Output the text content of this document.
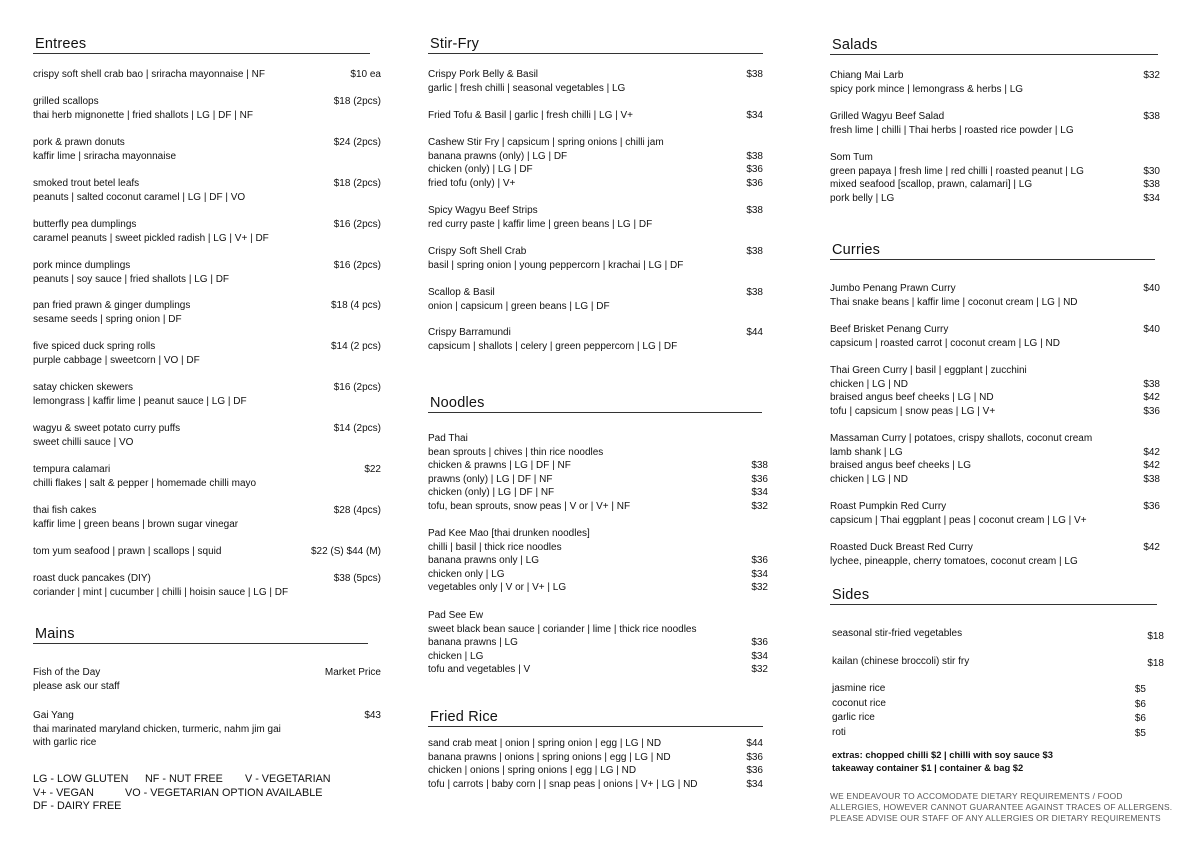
Entrees
crispy soft shell crab bao | sriracha mayonnaise | NF	$10 ea
grilled scallops	$18 (2pcs)
thai herb mignonette | fried shallots | LG | DF | NF
pork & prawn donuts	$24 (2pcs)
kaffir lime | sriracha mayonnaise
smoked trout betel leafs	$18 (2pcs)
peanuts | salted coconut caramel | LG | DF | VO
butterfly pea dumplings	$16 (2pcs)
caramel peanuts | sweet pickled radish | LG | V+ | DF
pork mince dumplings	$16 (2pcs)
peanuts | soy sauce | fried shallots | LG | DF
pan fried prawn & ginger dumplings	$18 (4 pcs)
sesame seeds | spring onion | DF
five spiced duck spring rolls	$14 (2 pcs)
purple cabbage | sweetcorn | VO | DF
satay chicken skewers	$16 (2pcs)
lemongrass | kaffir lime | peanut sauce | LG | DF
wagyu & sweet potato curry puffs	$14 (2pcs)
sweet chilli sauce | VO
tempura calamari	$22
chilli flakes | salt & pepper | homemade chilli mayo
thai fish cakes	$28 (4pcs)
kaffir lime | green beans | brown sugar vinegar
tom yum seafood | prawn | scallops | squid	$22 (S) $44 (M)
roast duck pancakes (DIY)	$38 (5pcs)
coriander | mint | cucumber | chilli | hoisin sauce | LG | DF
Mains
Fish of the Day	Market Price
please ask our staff
Gai Yang	$43
thai marinated maryland chicken, turmeric, nahm jim gai
with garlic rice
LG - LOW GLUTEN NF - NUT FREE V - VEGETARIAN
V+ - VEGAN	VO - VEGETARIAN OPTION AVAILABLE
DF - DAIRY FREE
Stir-Fry
Crispy Pork Belly & Basil	$38
garlic | fresh chilli | seasonal vegetables | LG
Fried Tofu & Basil | garlic | fresh chilli | LG | V+	$34
Cashew Stir Fry | capsicum | spring onions | chilli jam
banana prawns (only) | LG | DF	$38
chicken (only) | LG | DF	$36
fried tofu (only) | V+	$36
Spicy Wagyu Beef Strips	$38
red curry paste | kaffir lime | green beans | LG | DF
Crispy Soft Shell Crab	$38
basil | spring onion | young peppercorn | krachai | LG | DF
Scallop & Basil	$38
onion | capsicum | green beans | LG | DF
Crispy Barramundi	$44
capsicum | shallots | celery | green peppercorn | LG | DF
Noodles
Pad Thai
bean sprouts | chives | thin rice noodles
chicken & prawns | LG | DF | NF	$38
prawns (only) | LG | DF | NF	$36
chicken (only) | LG | DF | NF	$34
tofu, bean sprouts, snow peas | V or | V+ | NF	$32
Pad Kee Mao [thai drunken noodles]
chilli | basil | thick rice noodles
banana prawns only | LG	$36
chicken only | LG	$34
vegetables only | V or | V+ | LG	$32
Pad See Ew
sweet black bean sauce | coriander | lime | thick rice noodles
banana prawns | LG	$36
chicken | LG	$34
tofu and vegetables | V	$32
Fried Rice
sand crab meat | onion | spring onion | egg | LG | ND	$44
banana prawns | onions | spring onions | egg | LG | ND	$36
chicken | onions | spring onions | egg | LG | ND	$36
tofu | carrots | baby corn | | snap peas | onions | V+ | LG | ND	$34
Salads
Chiang Mai Larb	$32
spicy pork mince | lemongrass & herbs | LG
Grilled Wagyu Beef Salad	$38
fresh lime | chilli | Thai herbs | roasted rice powder | LG
Som Tum
green papaya | fresh lime | red chilli | roasted peanut | LG	$30
mixed seafood [scallop, prawn, calamari] | LG	$38
pork belly | LG	$34
Curries
Jumbo Penang Prawn Curry	$40
Thai snake beans | kaffir lime | coconut cream | LG | ND
Beef Brisket Penang Curry	$40
capsicum | roasted carrot | coconut cream | LG | ND
Thai Green Curry | basil | eggplant | zucchini
chicken | LG | ND	$38
braised angus beef cheeks | LG | ND	$42
tofu | capsicum | snow peas | LG | V+	$36
Massaman Curry | potatoes, crispy shallots, coconut cream
lamb shank | LG	$42
braised angus beef cheeks | LG	$42
chicken | LG | ND	$38
Roast Pumpkin Red Curry	$36
capsicum | Thai eggplant | peas | coconut cream | LG | V+
Roasted Duck Breast Red Curry	$42
lychee, pineapple, cherry tomatoes, coconut cream | LG
Sides
seasonal stir-fried vegetables	$18
kailan (chinese broccoli) stir fry	$18
jasmine rice	$5
coconut rice	$6
garlic rice	$6
roti	$5
extras: chopped chilli $2 | chilli with soy sauce $3
takeaway container $1 | container & bag $2
WE ENDEAVOUR TO ACCOMODATE DIETARY REQUIREMENTS / FOOD
ALLERGIES, HOWEVER CANNOT GUARANTEE AGAINST TRACES OF ALLERGENS.
PLEASE ADVISE OUR STAFF OF ANY ALLERGIES OR DIETARY REQUIREMENTS
